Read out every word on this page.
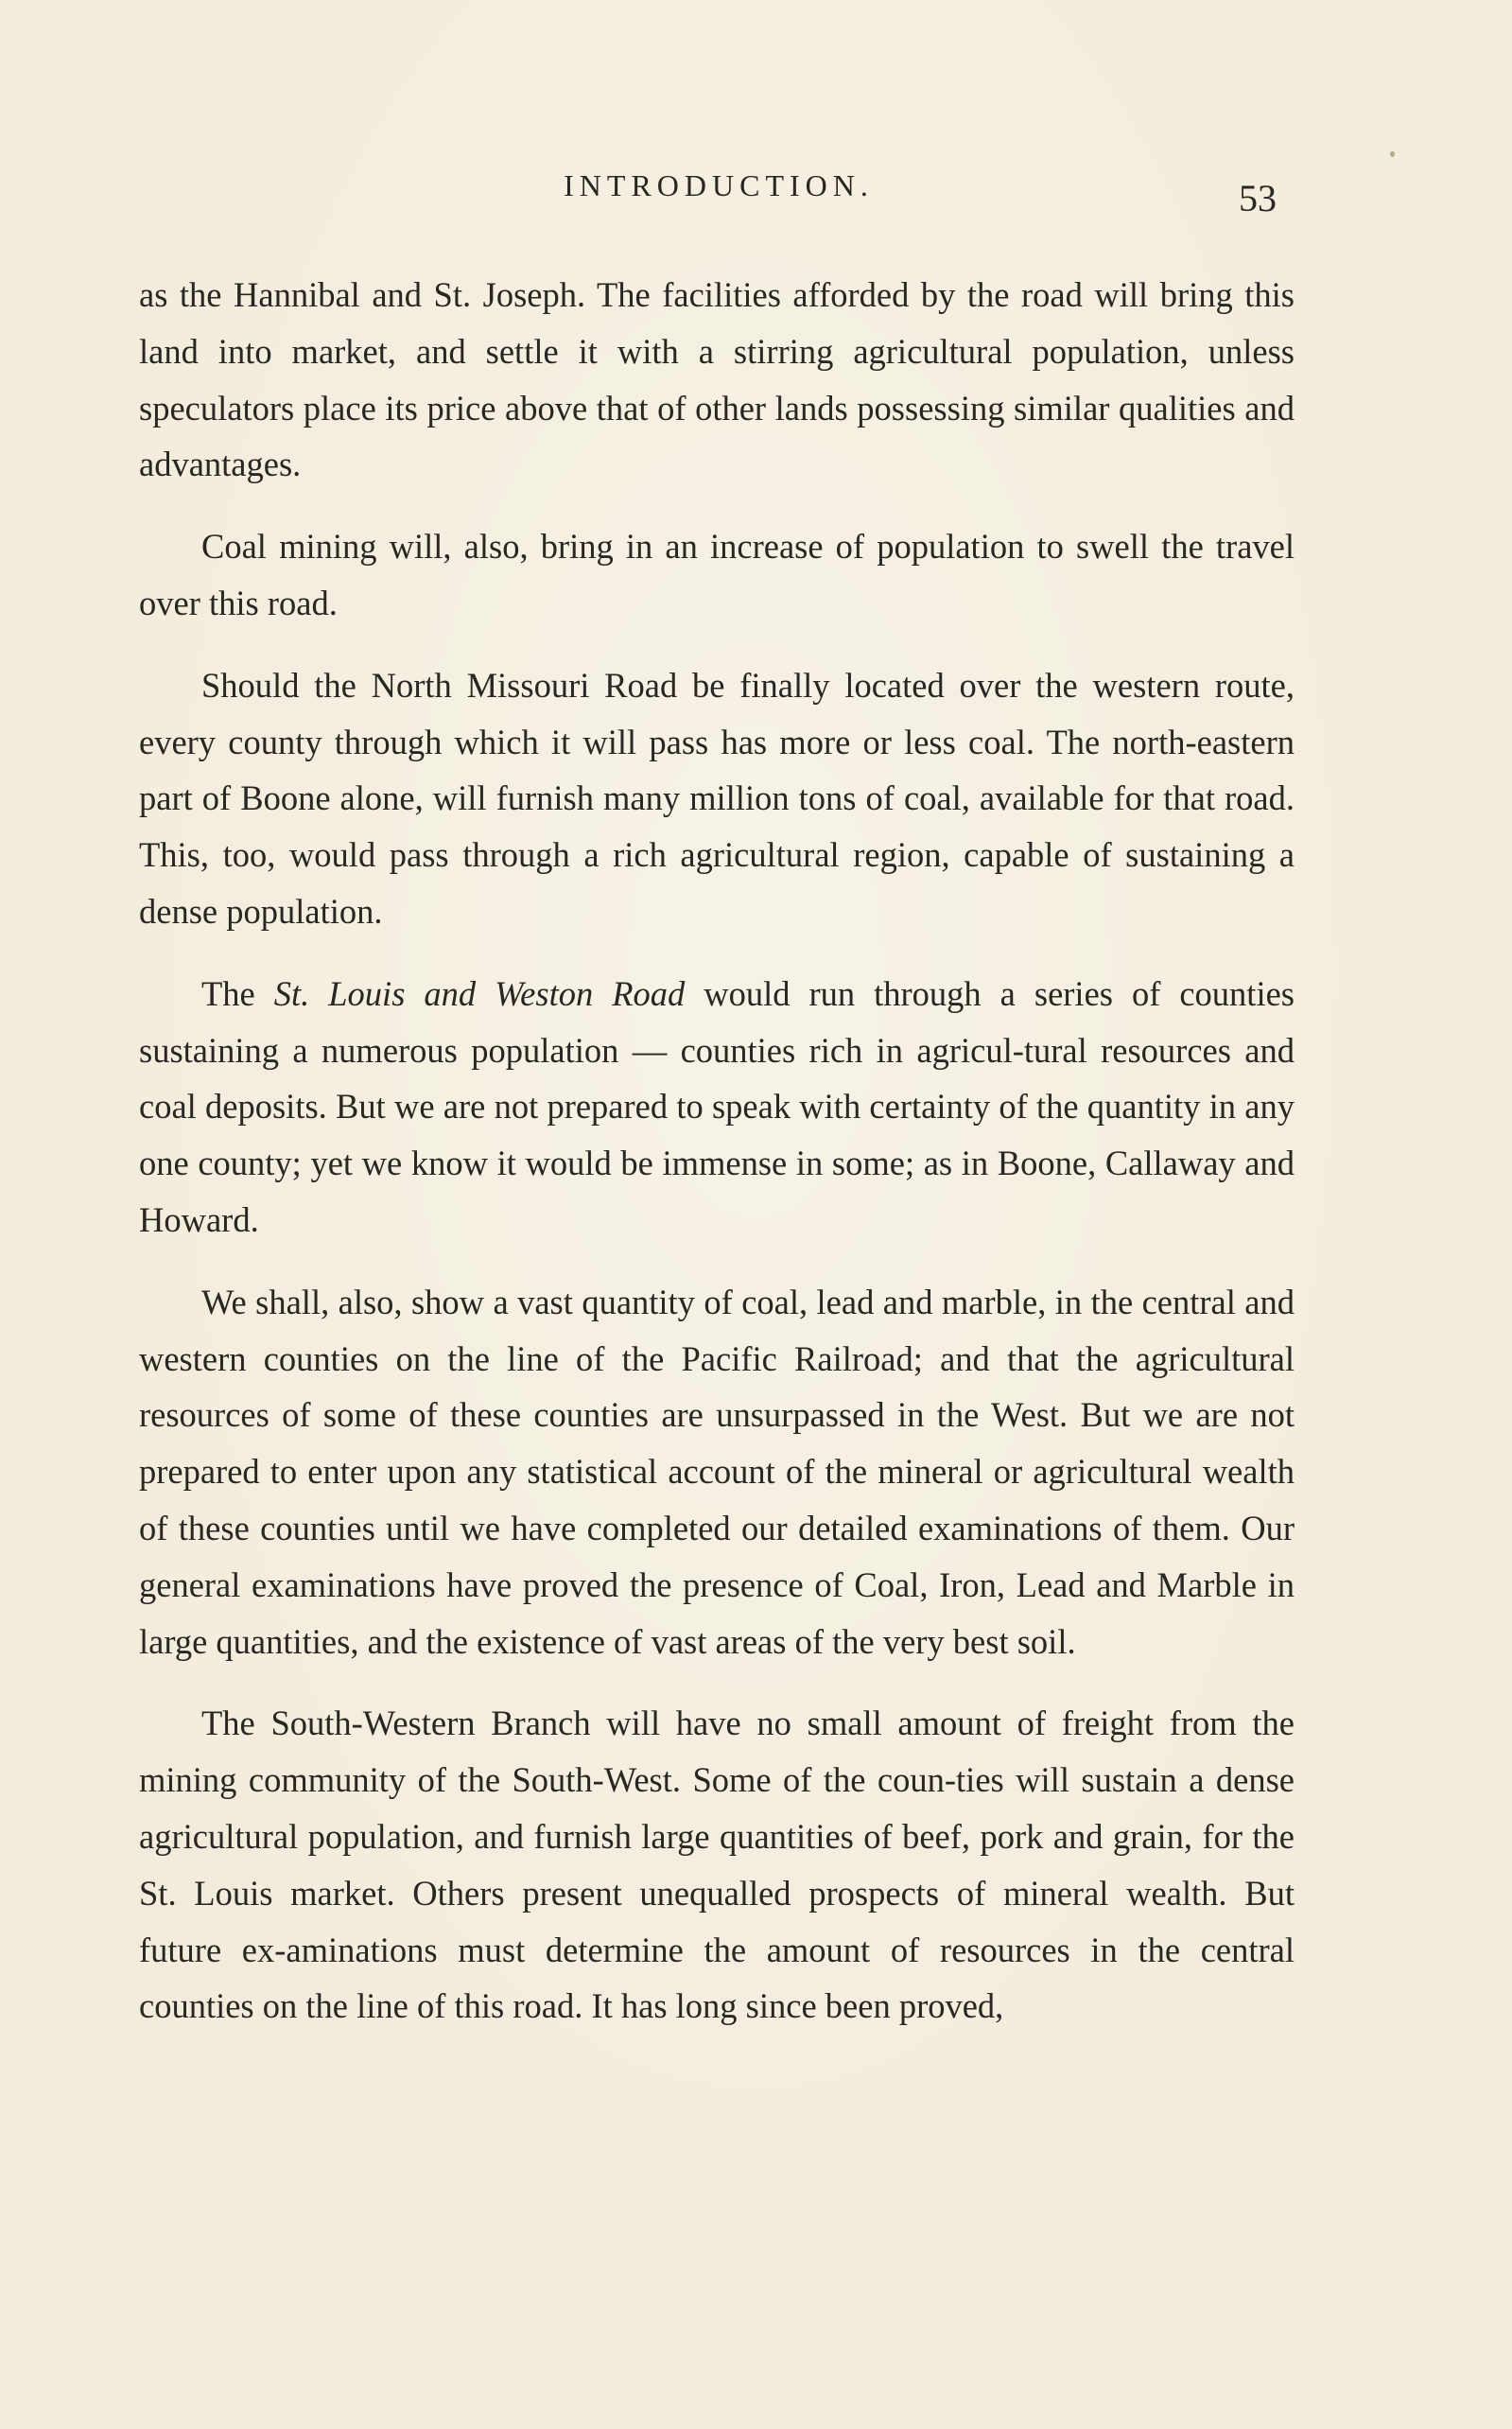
INTRODUCTION.	53

as the Hannibal and St. Joseph. The facilities afforded by the road will bring this land into market, and settle it with a stirring agricultural population, unless speculators place its price above that of other lands possessing similar qualities and advantages.

Coal mining will, also, bring in an increase of population to swell the travel over this road.

Should the North Missouri Road be finally located over the western route, every county through which it will pass has more or less coal. The north-eastern part of Boone alone, will furnish many million tons of coal, available for that road. This, too, would pass through a rich agricultural region, capable of sustaining a dense population.

The St. Louis and Weston Road would run through a series of counties sustaining a numerous population — counties rich in agricul-tural resources and coal deposits. But we are not prepared to speak with certainty of the quantity in any one county; yet we know it would be immense in some; as in Boone, Callaway and Howard.

We shall, also, show a vast quantity of coal, lead and marble, in the central and western counties on the line of the Pacific Railroad; and that the agricultural resources of some of these counties are unsurpassed in the West. But we are not prepared to enter upon any statistical account of the mineral or agricultural wealth of these counties until we have completed our detailed examinations of them. Our general examinations have proved the presence of Coal, Iron, Lead and Marble in large quantities, and the existence of vast areas of the very best soil.

The South-Western Branch will have no small amount of freight from the mining community of the South-West. Some of the coun-ties will sustain a dense agricultural population, and furnish large quantities of beef, pork and grain, for the St. Louis market. Others present unequalled prospects of mineral wealth. But future ex-aminations must determine the amount of resources in the central counties on the line of this road. It has long since been proved,
